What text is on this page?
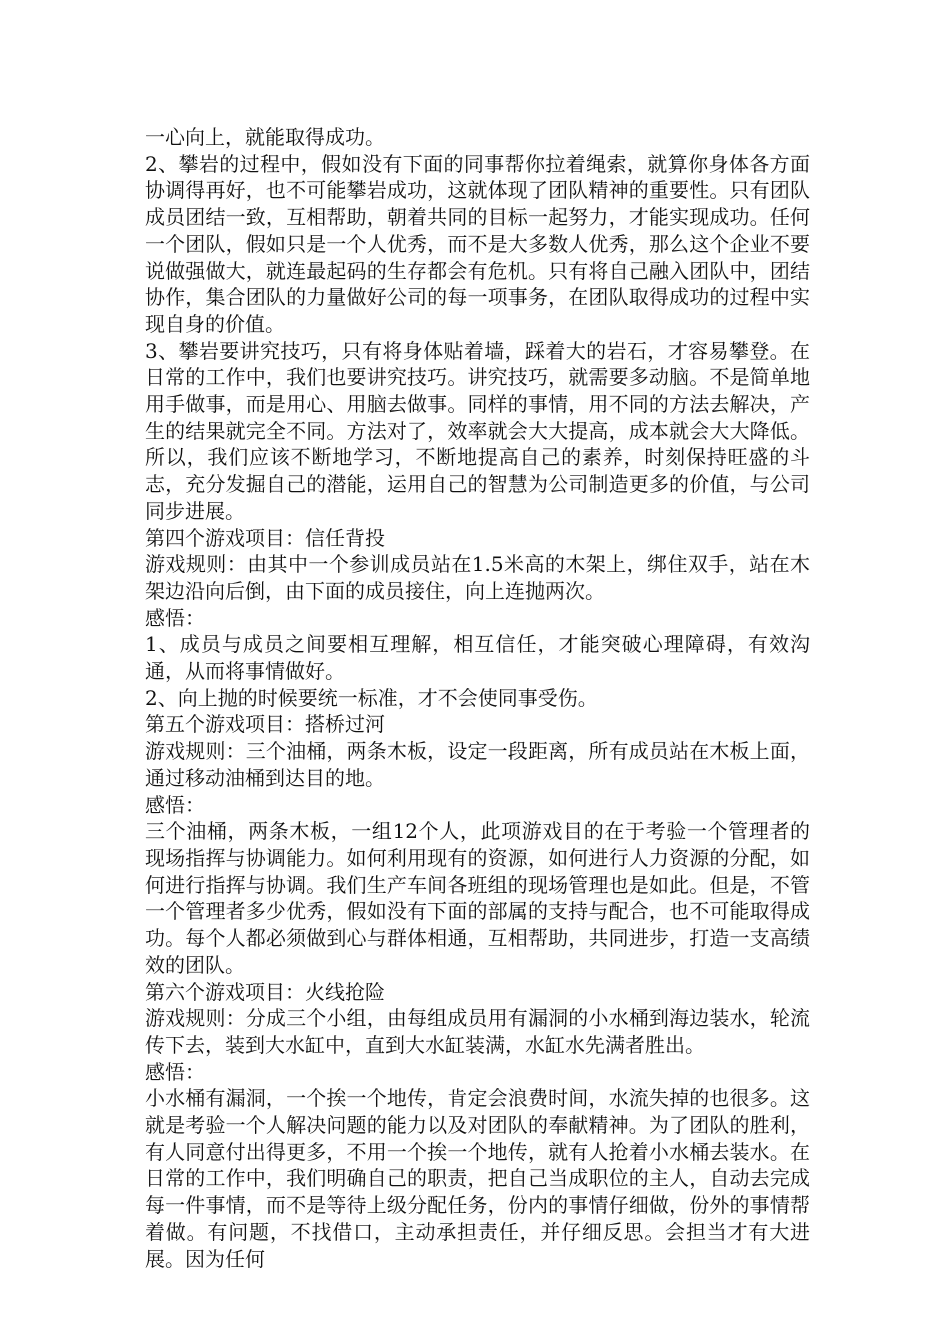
一心向上，就能取得成功。

2、攀岩的过程中，假如没有下面的同事帮你拉着绳索，就算你身体各方面协调得再好，也不可能攀岩成功，这就体现了团队精神的重要性。只有团队成员团结一致，互相帮助，朝着共同的目标一起努力，才能实现成功。任何一个团队，假如只是一个人优秀，而不是大多数人优秀，那么这个企业不要说做强做大，就连最起码的生存都会有危机。只有将自己融入团队中，团结协作，集合团队的力量做好公司的每一项事务，在团队取得成功的过程中实现自身的价值。

3、攀岩要讲究技巧，只有将身体贴着墙，踩着大的岩石，才容易攀登。在日常的工作中，我们也要讲究技巧。讲究技巧，就需要多动脑。不是简单地用手做事，而是用心、用脑去做事。同样的事情，用不同的方法去解决，产生的结果就完全不同。方法对了，效率就会大大提高，成本就会大大降低。所以，我们应该不断地学习，不断地提高自己的素养，时刻保持旺盛的斗志，充分发掘自己的潜能，运用自己的智慧为公司制造更多的价值，与公司同步进展。

第四个游戏项目：信任背投

游戏规则：由其中一个参训成员站在1.5米高的木架上，绑住双手，站在木架边沿向后倒，由下面的成员接住，向上连抛两次。

感悟：

1、成员与成员之间要相互理解，相互信任，才能突破心理障碍，有效沟通，从而将事情做好。

2、向上抛的时候要统一标准，才不会使同事受伤。

第五个游戏项目：搭桥过河

游戏规则：三个油桶，两条木板，设定一段距离，所有成员站在木板上面，通过移动油桶到达目的地。

感悟：

三个油桶，两条木板，一组12个人，此项游戏目的在于考验一个管理者的现场指挥与协调能力。如何利用现有的资源，如何进行人力资源的分配，如何进行指挥与协调。我们生产车间各班组的现场管理也是如此。但是，不管一个管理者多少优秀，假如没有下面的部属的支持与配合，也不可能取得成功。每个人都必须做到心与群体相通，互相帮助，共同进步，打造一支高绩效的团队。

第六个游戏项目：火线抢险

游戏规则：分成三个小组，由每组成员用有漏洞的小水桶到海边装水，轮流传下去，装到大水缸中，直到大水缸装满，水缸水先满者胜出。

感悟：

小水桶有漏洞，一个挨一个地传，肯定会浪费时间，水流失掉的也很多。这就是考验一个人解决问题的能力以及对团队的奉献精神。为了团队的胜利，有人同意付出得更多，不用一个挨一个地传，就有人抢着小水桶去装水。在日常的工作中，我们明确自己的职责，把自己当成职位的主人，自动去完成每一件事情，而不是等待上级分配任务，份内的事情仔细做，份外的事情帮着做。有问题，不找借口，主动承担责任，并仔细反思。会担当才有大进展。因为任何
